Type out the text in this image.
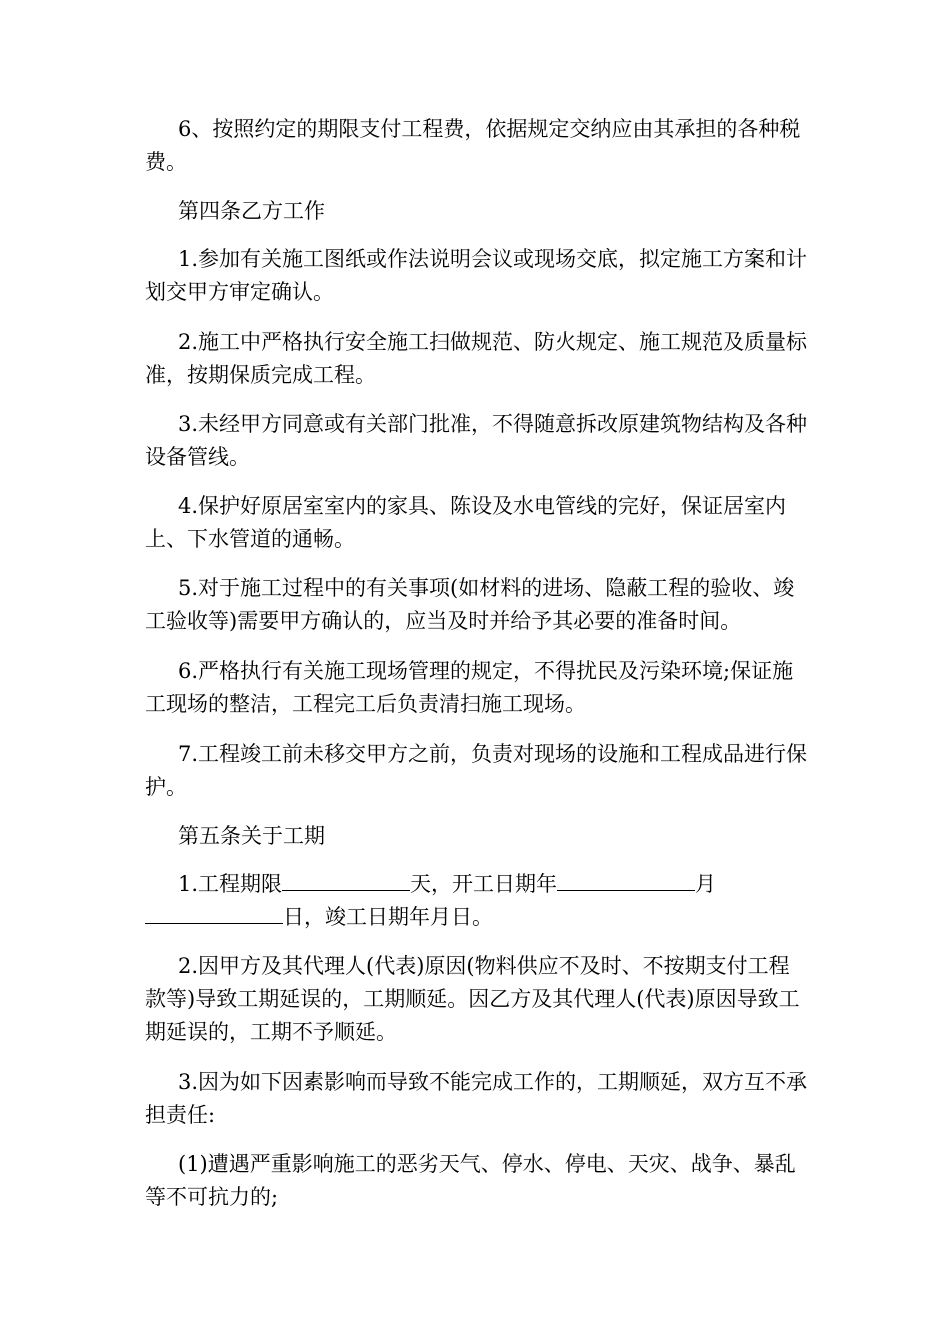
6、按照约定的期限支付工程费，依据规定交纳应由其承担的各种税费。

第四条乙方工作

1.参加有关施工图纸或作法说明会议或现场交底，拟定施工方案和计划交甲方审定确认。

2.施工中严格执行安全施工扫做规范、防火规定、施工规范及质量标准，按期保质完成工程。

3.未经甲方同意或有关部门批准，不得随意拆改原建筑物结构及各种设备管线。

4.保护好原居室室内的家具、陈设及水电管线的完好，保证居室内上、下水管道的通畅。

5.对于施工过程中的有关事项(如材料的进场、隐蔽工程的验收、竣工验收等)需要甲方确认的，应当及时并给予其必要的准备时间。

6.严格执行有关施工现场管理的规定，不得扰民及污染环境;保证施工现场的整洁，工程完工后负责清扫施工现场。

7.工程竣工前未移交甲方之前，负责对现场的设施和工程成品进行保护。

第五条关于工期

1.工程期限	天，开工日期年	月日，竣工日期年月日。

2.因甲方及其代理人(代表)原因(物料供应不及时、不按期支付工程款等)导致工期延误的，工期顺延。因乙方及其代理人(代表)原因导致工期延误的，工期不予顺延。

3.因为如下因素影响而导致不能完成工作的，工期顺延，双方互不承担责任:

(1)遭遇严重影响施工的恶劣天气、停水、停电、天灾、战争、暴乱等不可抗力的;
